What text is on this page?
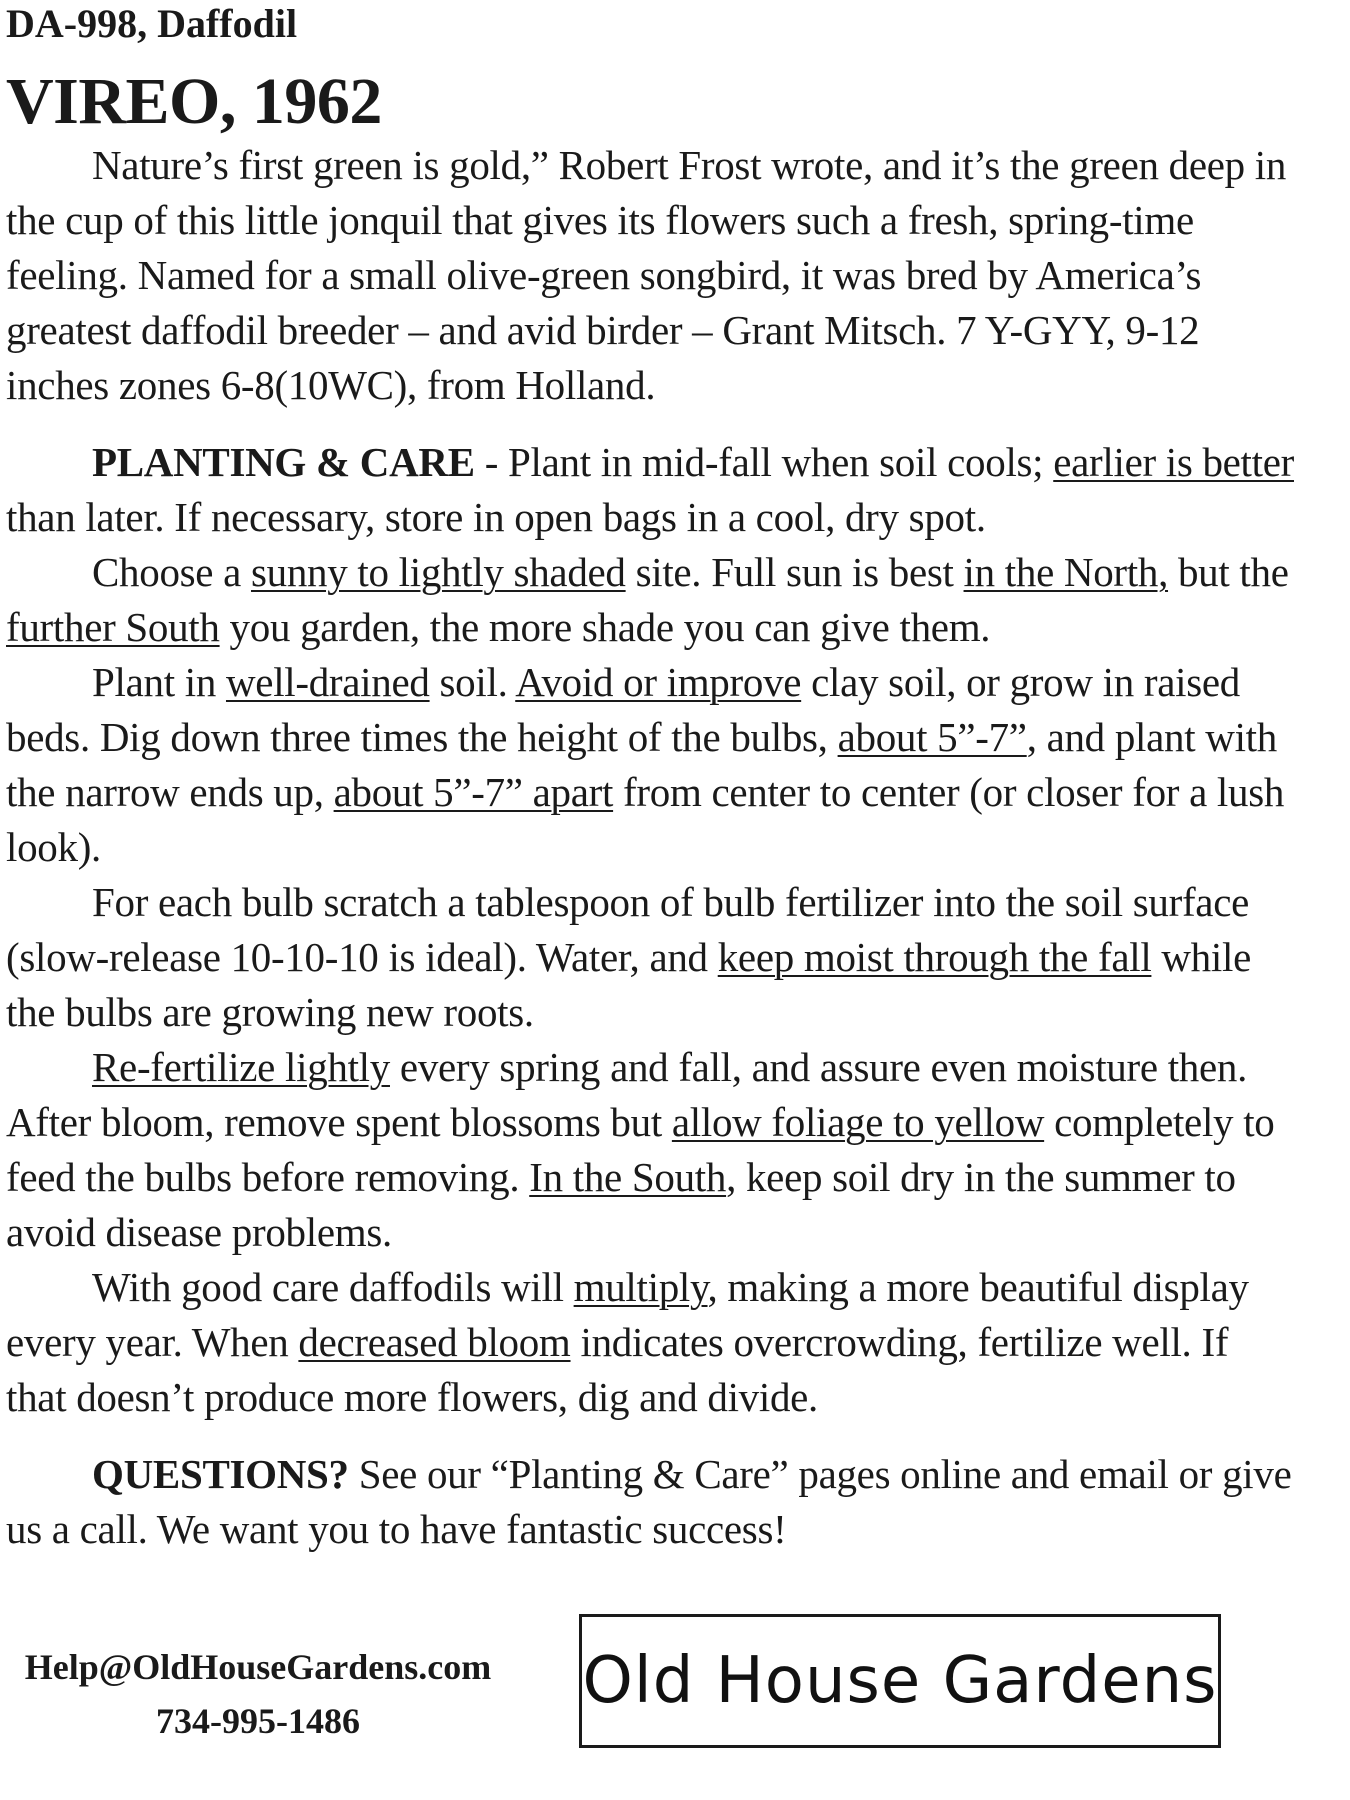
DA-998, Daffodil
VIREO, 1962

Nature’s first green is gold,” Robert Frost wrote, and it’s the green deep in the cup of this little jonquil that gives its flowers such a fresh, spring-time feeling. Named for a small olive-green songbird, it was bred by America’s greatest daffodil breeder – and avid birder – Grant Mitsch. 7 Y-GYY, 9-12 inches zones 6-8(10WC), from Holland.

PLANTING & CARE - Plant in mid-fall when soil cools; earlier is better than later. If necessary, store in open bags in a cool, dry spot.

Choose a sunny to lightly shaded site. Full sun is best in the North, but the further South you garden, the more shade you can give them.

Plant in well-drained soil. Avoid or improve clay soil, or grow in raised beds. Dig down three times the height of the bulbs, about 5”-7”, and plant with the narrow ends up, about 5”-7” apart from center to center (or closer for a lush look).

For each bulb scratch a tablespoon of bulb fertilizer into the soil surface (slow-release 10-10-10 is ideal). Water, and keep moist through the fall while the bulbs are growing new roots.

Re-fertilize lightly every spring and fall, and assure even moisture then. After bloom, remove spent blossoms but allow foliage to yellow completely to feed the bulbs before removing. In the South, keep soil dry in the summer to avoid disease problems.

With good care daffodils will multiply, making a more beautiful display every year. When decreased bloom indicates overcrowding, fertilize well. If that doesn’t produce more flowers, dig and divide.

QUESTIONS? See our “Planting & Care” pages online and email or give us a call. We want you to have fantastic success!

Help@OldHouseGardens.com
734-995-1486
Old House Gardens
